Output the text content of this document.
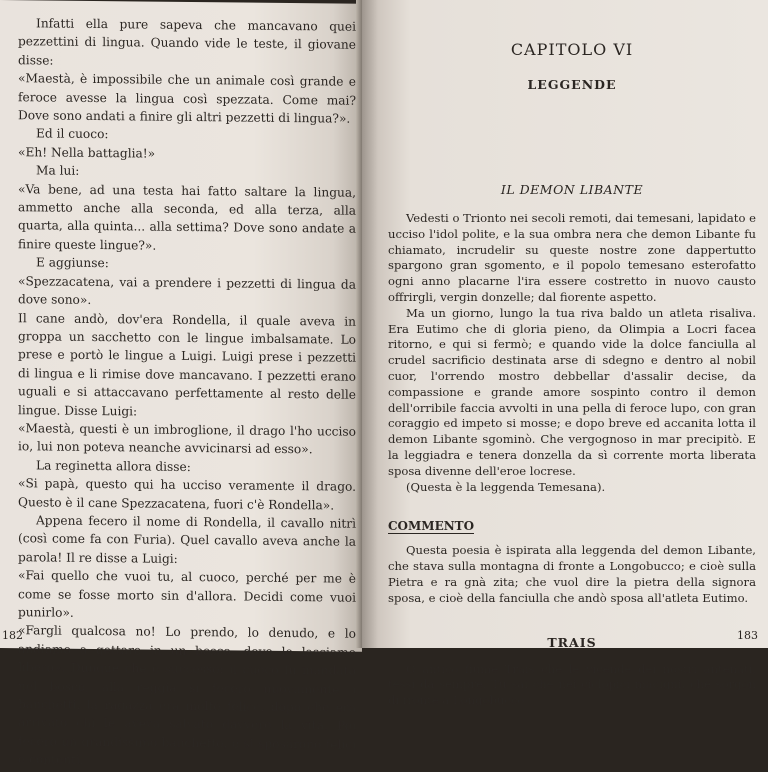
Infatti ella pure sapeva che mancavano quei pezzettini di lingua. Quando vide le teste, il giovane disse:

«Maestà, è impossibile che un animale così grande e feroce avesse la lingua così spezzata. Come mai? Dove sono andati a finire gli altri pezzetti di lingua?».

Ed il cuoco:

«Eh! Nella battaglia!»

Ma lui:

«Va bene, ad una testa hai fatto saltare la lingua, ammetto anche alla seconda, ed alla terza, alla quarta, alla quinta... alla settima? Dove sono andate a finire queste lingue?».

E aggiunse:

«Spezzacatena, vai a prendere i pezzetti di lingua da dove sono».

Il cane andò, dov'era Rondella, il quale aveva in groppa un sacchetto con le lingue imbalsamate. Lo prese e portò le lingue a Luigi. Luigi prese i pezzetti di lingua e li rimise dove mancavano. I pezzetti erano uguali e si attaccavano perfettamente al resto delle lingue. Disse Luigi:

«Maestà, questi è un imbroglione, il drago l'ho ucciso io, lui non poteva neanche avvicinarsi ad esso».

La reginetta allora disse:

«Si papà, questo qui ha ucciso veramente il drago. Questo è il cane Spezzacatena, fuori c'è Rondella».

Appena fecero il nome di Rondella, il cavallo nitrì (così come fa con Furia). Quel cavallo aveva anche la parola! Il re disse a Luigi:

«Fai quello che vuoi tu, al cuoco, perché per me è come se fosse morto sin d'allora. Decidi come vuoi punirlo».

«Fargli qualcosa no! Lo prendo, lo denudo, e lo andiamo a gettare in un bosco, dove lo lasciamo libero». Dunque che è successo: il cuoco fu mandato nel bosco, alla reggia si fecero nuovamente i banchetti, la ragazza era molto felice, dopo che era arrivato chi le aveva salvato davvero la vita. Poi fecero un grandissimo banchetto, e si sposarono felici e contenti.

182
CAPITOLO VI
LEGGENDE
IL DEMON LIBANTE

Vedesti o Trionto nei secoli remoti, dai temesani, lapidato e ucciso l'idol polite, e la sua ombra nera che demon Libante fu chiamato, incrudelir su queste nostre zone dappertutto spargono gran sgomento, e il popolo temesano esterofatto ogni anno placarne l'ira essere costretto in nuovo causto offrirgli, vergin donzelle; dal fiorente aspetto.

Ma un giorno, lungo la tua riva baldo un atleta risaliva. Era Eutimo che di gloria pieno, da Olimpia a Locri facea ritorno, e qui si fermò; e quando vide la dolce fanciulla al crudel sacrificio destinata arse di sdegno e dentro al nobil cuor, l'orrendo mostro debbellar d'assalir decise, da compassione e grande amore sospinto contro il demon dell'orribile faccia avvolti in una pella di feroce lupo, con gran coraggio ed impeto si mosse; e dopo breve ed accanita lotta il demon Libante sgominò. Che vergognoso in mar precipitò. E la leggiadra e tenera donzella da sì corrente morta liberata sposa divenne dell'eroe locrese.

(Questa è la leggenda Temesana).

COMMENTO

Questa poesia è ispirata alla leggenda del demon Libante, che stava sulla montagna di fronte a Longobucco; e cioè sulla Pietra e ra gnà zita; che vuol dire la pietra della signora sposa, e cioè della fanciulla che andò sposa all'atleta Eutimo.

TRAIS

O antico fiume Trais che le vicende dei nostri antenati, tessi da sempre. Tu sai che nei ciclopici macigni, che sorgon di fronte a Longobucco

183
